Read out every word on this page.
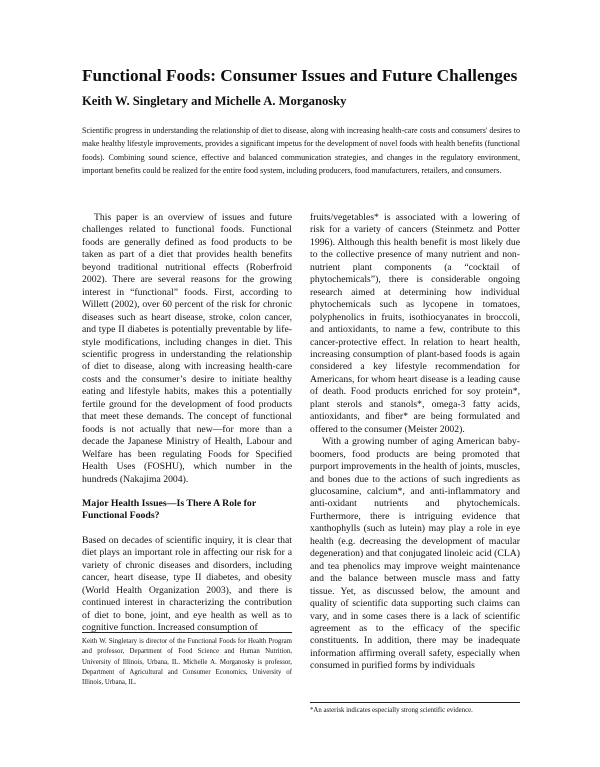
Functional Foods: Consumer Issues and Future Challenges
Keith W. Singletary and Michelle A. Morganosky

Scientific progress in understanding the relationship of diet to disease, along with increasing health-care costs and consumers' desires to make healthy lifestyle improvements, provides a significant impetus for the development of novel foods with health benefits (functional foods). Combining sound science, effective and balanced communication strategies, and changes in the regulatory environment, important benefits could be realized for the entire food system, including producers, food manufacturers, retailers, and consumers.

This paper is an overview of issues and future challenges related to functional foods. Functional foods are generally defined as food products to be taken as part of a diet that provides health benefits beyond traditional nutritional effects (Roberfroid 2002). There are several reasons for the growing interest in “functional” foods. First, according to Willett (2002), over 60 percent of the risk for chronic diseases such as heart disease, stroke, colon cancer, and type II diabetes is potentially preventable by life-style modifications, including changes in diet. This scientific progress in understanding the relationship of diet to disease, along with increasing health-care costs and the consumer’s desire to initiate healthy eating and lifestyle habits, makes this a potentially fertile ground for the development of food products that meet these demands. The concept of functional foods is not actually that new—for more than a decade the Japanese Ministry of Health, Labour and Welfare has been regulating Foods for Specified Health Uses (FOSHU), which number in the hundreds (Nakajima 2004).

Major Health Issues—Is There A Role for Functional Foods?

Based on decades of scientific inquiry, it is clear that diet plays an important role in affecting our risk for a variety of chronic diseases and disorders, including cancer, heart disease, type II diabetes, and obesity (World Health Organization 2003), and there is continued interest in characterizing the contribution of diet to bone, joint, and eye health as well as to cognitive function. Increased consumption of

fruits/vegetables* is associated with a lowering of risk for a variety of cancers (Steinmetz and Potter 1996). Although this health benefit is most likely due to the collective presence of many nutrient and non-nutrient plant components (a “cocktail of phytochemicals”), there is considerable ongoing research aimed at determining how individual phytochemicals such as lycopene in tomatoes, polyphenolics in fruits, isothiocyanates in broccoli, and antioxidants, to name a few, contribute to this cancer-protective effect. In relation to heart health, increasing consumption of plant-based foods is again considered a key lifestyle recommendation for Americans, for whom heart disease is a leading cause of death. Food products enriched for soy protein*, plant sterols and stanols*, omega-3 fatty acids, antioxidants, and fiber* are being formulated and offered to the consumer (Meister 2002).

With a growing number of aging American baby-boomers, food products are being promoted that purport improvements in the health of joints, muscles, and bones due to the actions of such ingredients as glucosamine, calcium*, and anti-inflammatory and anti-oxidant nutrients and phytochemicals. Furthermore, there is intriguing evidence that xanthophylls (such as lutein) may play a role in eye health (e.g. decreasing the development of macular degeneration) and that conjugated linoleic acid (CLA) and tea phenolics may improve weight maintenance and the balance between muscle mass and fatty tissue. Yet, as discussed below, the amount and quality of scientific data supporting such claims can vary, and in some cases there is a lack of scientific agreement as to the efficacy of the specific constituents. In addition, there may be inadequate information affirming overall safety, especially when consumed in purified forms by individuals

Keith W. Singletary is director of the Functional Foods for Health Program and professor, Department of Food Science and Human Nutrition, University of Illinois, Urbana, IL. Michelle A. Morganosky is professor, Department of Agricultural and Consumer Economics, University of Illinois, Urbana, IL.

*An asterisk indicates especially strong scientific evidence.
